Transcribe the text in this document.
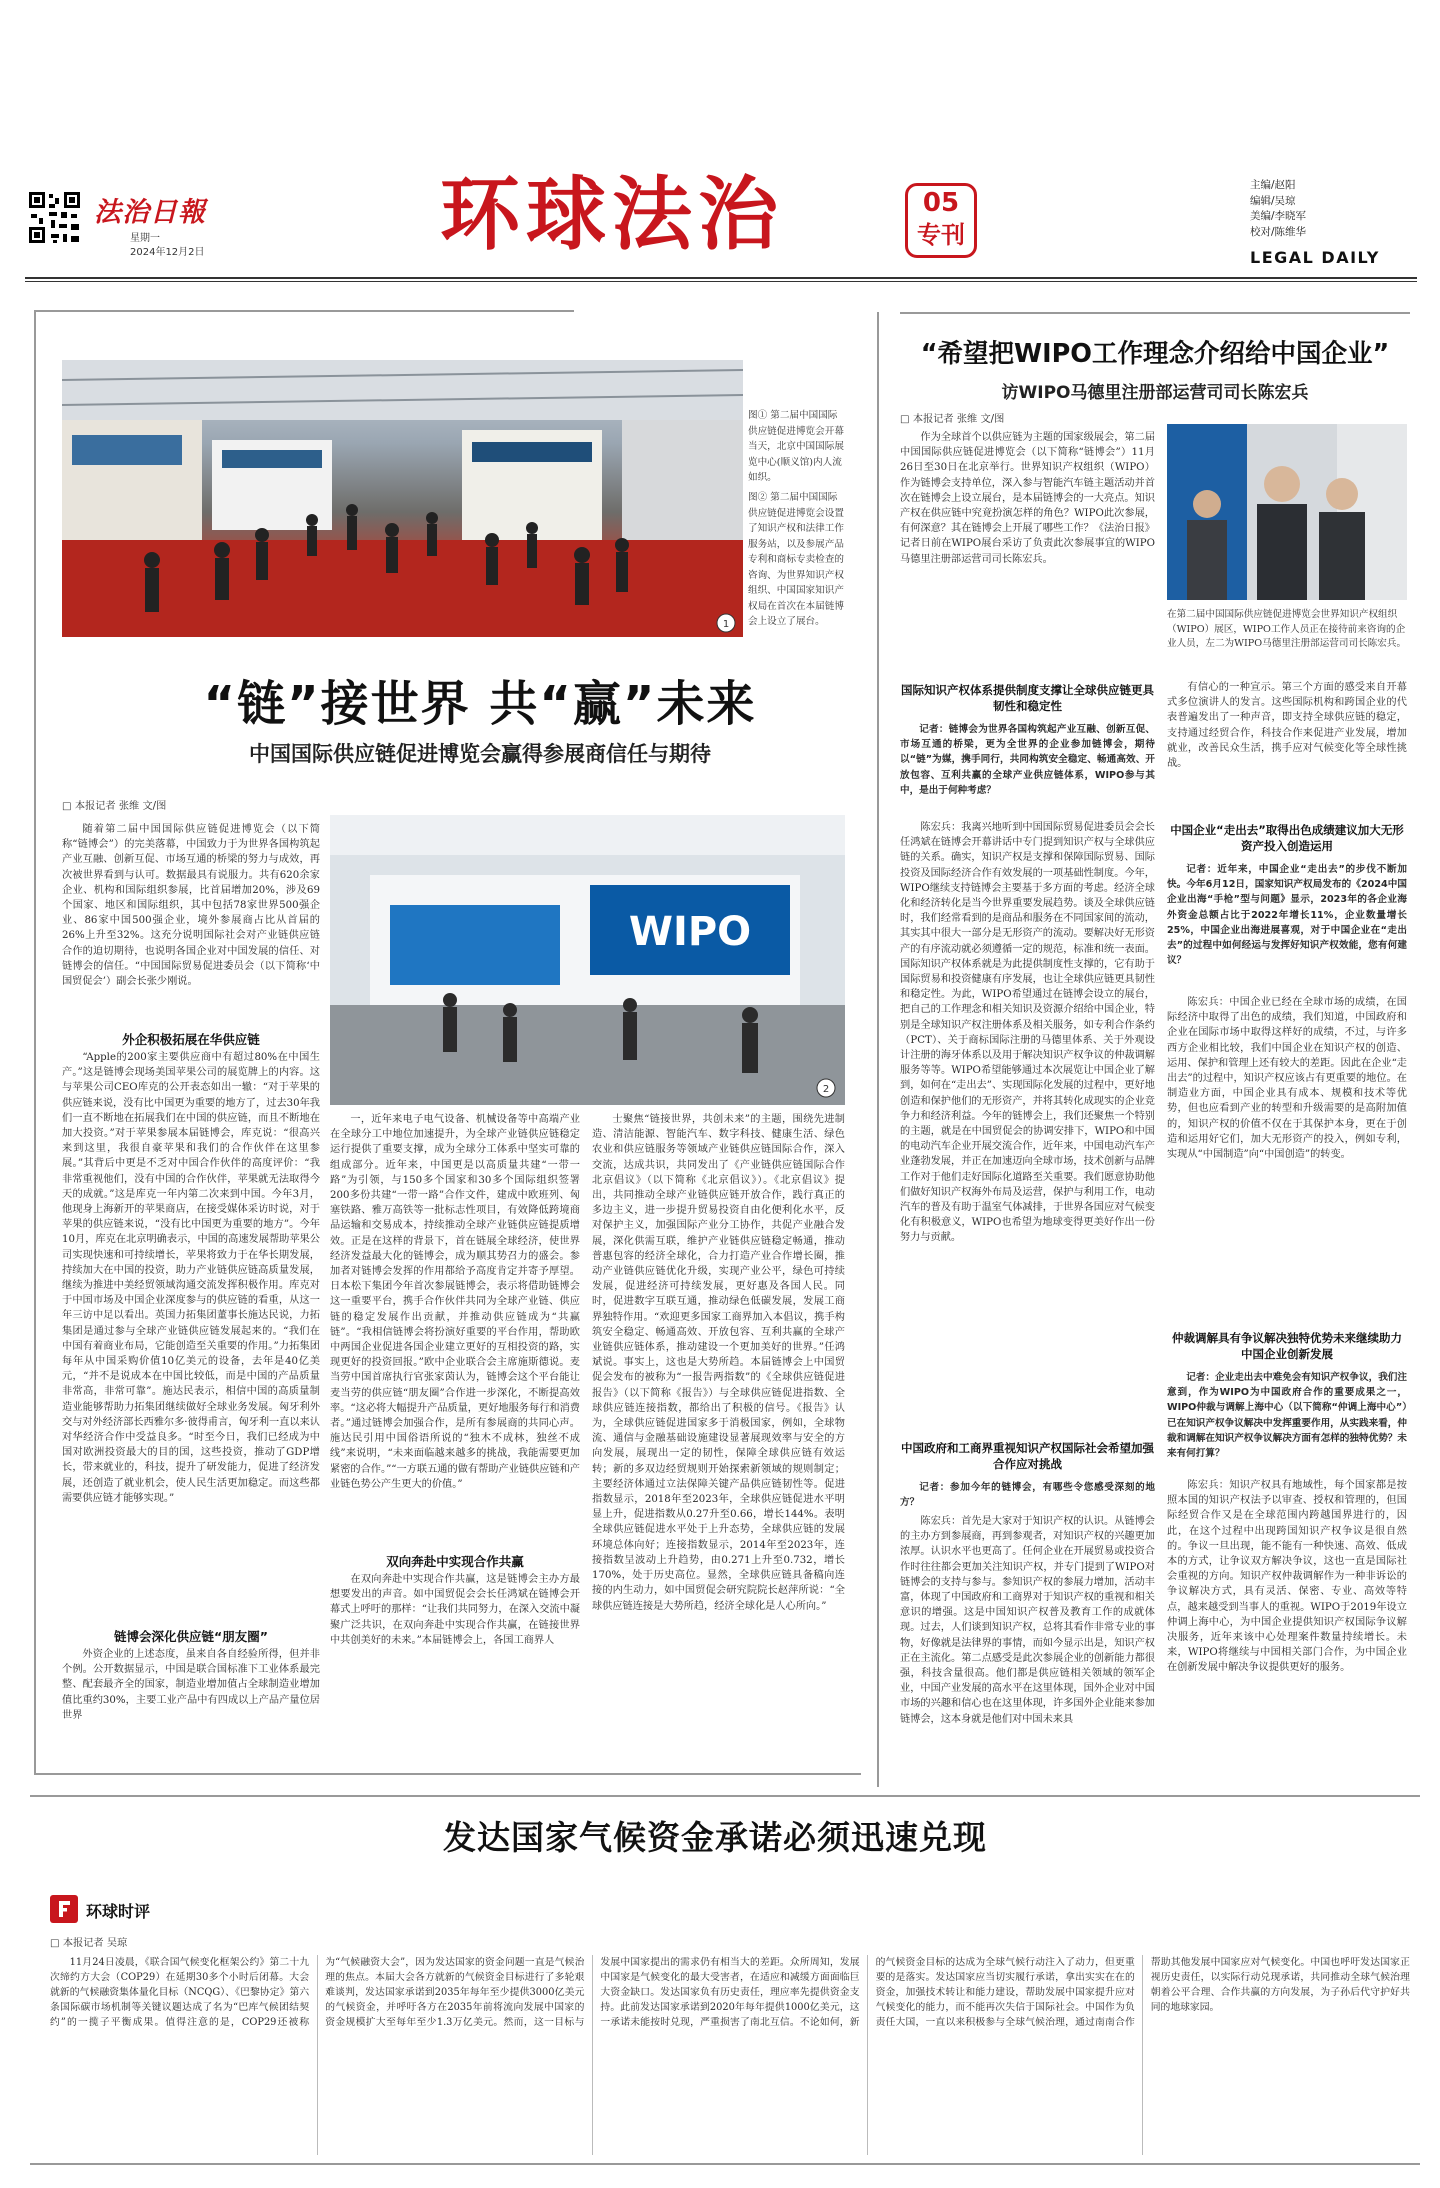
法治日報
星期一
2024年12月2日	环球法治	05
专刊
主编/赵阳
编辑/吴琼
美编/李晓军
校对/陈维华
LEGAL DAILY
1
图① 第二届中国国际供应链促进博览会开幕当天，北京中国国际展览中心(顺义馆)内人流如织。
图② 第二届中国国际供应链促进博览会设置了知识产权和法律工作服务站，以及参展产品专利和商标专卖检查的咨询、为世界知识产权组织、中国国家知识产权局在首次在本届链博会上设立了展台。
“链”接世界 共“赢”未来
中国国际供应链促进博览会赢得参展商信任与期待
□ 本报记者 张维 文/图
WIPO
2

随着第二届中国国际供应链促进博览会（以下简称“链博会”）的完美落幕，中国致力于为世界各国构筑起产业互融、创新互促、市场互通的桥梁的努力与成效，再次被世界看到与认可。数据最具有说服力。共有620余家企业、机构和国际组织参展，比首届增加20%，涉及69个国家、地区和国际组织，其中包括78家世界500强企业、86家中国500强企业，境外参展商占比从首届的26%上升至32%。这充分说明国际社会对产业链供应链合作的迫切期待，也说明各国企业对中国发展的信任、对链博会的信任。“中国国际贸易促进委员会（以下简称‘中国贸促会’）副会长张少刚说。

外企积极拓展在华供应链

“Apple的200家主要供应商中有超过80%在中国生产。”这是链博会现场美国苹果公司的展览牌上的内容。这与苹果公司CEO库克的公开表态如出一辙：“对于苹果的供应链来说，没有比中国更为重要的地方了，过去30年我们一直不断地在拓展我们在中国的供应链，而且不断地在加大投资。”对于苹果参展本届链博会，库克说：“很高兴来到这里，我很自豪苹果和我们的合作伙伴在这里参展。”其背后中更是不乏对中国合作伙伴的高度评价：“我非常重视他们，没有中国的合作伙伴，苹果就无法取得今天的成就。”这是库克一年内第二次来到中国。今年3月，他现身上海新开的苹果商店，在接受媒体采访时说，对于苹果的供应链来说，“没有比中国更为重要的地方”。今年10月，库克在北京明确表示，中国的高速发展帮助苹果公司实现快速和可持续增长，苹果将致力于在华长期发展，持续加大在中国的投资，助力产业链供应链高质量发展，继续为推进中美经贸领域沟通交流发挥积极作用。库克对于中国市场及中国企业深度参与的供应链的看重，从这一年三访中足以看出。英国力拓集团董事长施达民说，力拓集团是通过参与全球产业链供应链发展起来的。“我们在中国有着商业布局，它能创造至关重要的作用。”力拓集团每年从中国采购价值10亿美元的设备，去年是40亿美元，“并不是说成本在中国比较低，而是中国的产品质量非常高，非常可靠”。施达民表示，相信中国的高质量制造业能够帮助力拓集团继续做好全球业务发展。匈牙利外交与对外经济部长西雅尔多·彼得甫言，匈牙利一直以来认对华经济合作中受益良多。“时至今日，我们已经成为中国对欧洲投资最大的目的国，这些投资，推动了GDP增长，带来就业的，科技，提升了研发能力，促进了经济发展，还创造了就业机会，使人民生活更加稳定。而这些都需要供应链才能够实现。”

链博会深化供应链“朋友圈”

外资企业的上述态度，虽来自各自经验所得，但并非个例。公开数据显示，中国是联合国标准下工业体系最完整、配套最齐全的国家，制造业增加值占全球制造业增加值比重约30%，主要工业产品中有四成以上产品产量位居世界

一，近年来电子电气设备、机械设备等中高端产业在全球分工中地位加速提升，为全球产业链供应链稳定运行提供了重要支撑，成为全球分工体系中坚实可靠的组成部分。近年来，中国更是以高质量共建“一带一路”为引领，与150多个国家和30多个国际组织签署200多份共建“一带一路”合作文件，建成中欧班列、匈塞铁路、雅万高铁等一批标志性项目，有效降低跨境商品运输和交易成本，持续推动全球产业链供应链提质增效。正是在这样的背景下，首在链展全球经济，使世界经济发益最大化的链博会，成为顺其势召力的盛会。参加者对链博会发挥的作用都给予高度肯定并寄予厚望。日本松下集团今年首次参展链博会，表示将借助链博会这一重要平台，携手合作伙伴共同为全球产业链、供应链的稳定发展作出贡献，并推动供应链成为“共赢链”。“我相信链博会将扮演好重要的平台作用，帮助欧中两国企业促进各国企业建立更好的互相投资的路，实现更好的投资回报。”欧中企业联合会主席施斯德说。麦当劳中国首席执行官张家茵认为，链博会这个平台能让麦当劳的供应链“朋友圈”合作进一步深化，不断提高效率。“这必将大幅提升产品质量，更好地服务每行和消费者。”通过链博会加强合作，是所有参展商的共同心声。施达民引用中国俗语所说的“独木不成林，独丝不成线”来说明，“未来面临越来越多的挑战，我能需要更加紧密的合作。”“一方联五通的做有帮助产业链供应链和产业链色势公产生更大的价值。”

双向奔赴中实现合作共赢

在双向奔赴中实现合作共赢，这是链博会主办方最想要发出的声音。如中国贸促会会长任鸿斌在链博会开幕式上呼吁的那样：“让我们共同努力，在深入交流中凝聚广泛共识，在双向奔赴中实现合作共赢，在链接世界中共创美好的未来。”本届链博会上，各国工商界人

士聚焦“链接世界，共创未来”的主题，围绕先进制造、清洁能源、智能汽车、数字科技、健康生活、绿色农业和供应链服务等领域产业链供应链国际合作，深入交流，达成共识，共同发出了《产业链供应链国际合作北京倡议》（以下简称《北京倡议》）。《北京倡议》提出，共同推动全球产业链供应链开放合作，践行真正的多边主义，进一步提升贸易投资自由化便利化水平，反对保护主义，加强国际产业分工协作，共促产业融合发展，深化供需互联，维护产业链供应链稳定畅通，推动普惠包容的经济全球化，合力打造产业合作增长圈，推动产业链供应链优化升级，实现产业公平，绿色可持续发展，促进经济可持续发展，更好惠及各国人民。同时，促进数字互联互通，推动绿色低碳发展，发展工商界独特作用。“欢迎更多国家工商界加入本倡议，携手构筑安全稳定、畅通高效、开放包容、互利共赢的全球产业链供应链体系，推动建设一个更加美好的世界。”任鸿斌说。事实上，这也是大势所趋。本届链博会上中国贸促会发布的被称为“一报告两指数”的《全球供应链促进报告》（以下简称《报告》）与全球供应链促进指数、全球供应链连接指数，都给出了积极的信号。《报告》认为，全球供应链促进国家多于消极国家，例如，全球物流、通信与金融基础设施建设显著展现效率与安全的方向发展，展现出一定的韧性，保障全球供应链有效运转；新的多双边经贸规则开始探索新领域的规则制定；主要经济体通过立法保障关键产品供应链韧性等。促进指数显示，2018年至2023年，全球供应链促进水平明显上升，促进指数从0.27升至0.66，增长144%。表明全球供应链促进水平处于上升态势，全球供应链的发展环境总体向好；连接指数显示，2014年至2023年，连接指数呈波动上升趋势，由0.271上升至0.732，增长170%，处于历史高位。显然，全球供应链具备稿向连接的内生动力，如中国贸促会研究院院长赵萍所说：“全球供应链连接是大势所趋，经济全球化是人心所向。”

“希望把WIPO工作理念介绍给中国企业”
访WIPO马德里注册部运营司司长陈宏兵
□ 本报记者 张维 文/图
在第二届中国国际供应链促进博览会世界知识产权组织（WIPO）展区，WIPO工作人员正在接待前来咨询的企业人员，左二为WIPO马德里注册部运营司司长陈宏兵。

作为全球首个以供应链为主题的国家级展会，第二届中国国际供应链促进博览会（以下简称“链博会”）11月26日至30日在北京举行。世界知识产权组织（WIPO）作为链博会支持单位，深入参与智能汽车链主题活动并首次在链博会上设立展台，是本届链博会的一大亮点。知识产权在供应链中究竟扮演怎样的角色？WIPO此次参展，有何深意？其在链博会上开展了哪些工作？《法治日报》记者日前在WIPO展台采访了负责此次参展事宜的WIPO马德里注册部运营司司长陈宏兵。

国际知识产权体系提供制度支撑让全球供应链更具韧性和稳定性

记者：链博会为世界各国构筑起产业互融、创新互促、市场互通的桥梁，更为全世界的企业参加链博会，期待以“链”为媒，携手同行，共同构筑安全稳定、畅通高效、开放包容、互利共赢的全球产业供应链体系，WIPO参与其中，是出于何种考虑？

陈宏兵：我离兴地听到中国国际贸易促进委员会会长任鸿斌在链博会开幕讲话中专门提到知识产权与全球供应链的关系。确实，知识产权是支撑和保障国际贸易、国际投资及国际经济合作有效发展的一项基础性制度。今年，WIPO继续支持链博会主要基于多方面的考虑。经济全球化和经济转化是当今世界重要发展趋势。谈及全球供应链时，我们经常看到的是商品和服务在不同国家间的流动，其实其中很大一部分是无形资产的流动。要解决好无形资产的有序流动就必须遵循一定的规范，标准和统一表面。国际知识产权体系就是为此提供制度性支撑的，它有助于国际贸易和投资健康有序发展，也让全球供应链更具韧性和稳定性。为此，WIPO希望通过在链博会设立的展台，把自己的工作理念和相关知识及资源介绍给中国企业，特别是全球知识产权注册体系及相关服务，如专利合作条约（PCT）、关于商标国际注册的马德里体系、关于外观设计注册的海牙体系以及用于解决知识产权争议的仲裁调解服务等等。WIPO希望能够通过本次展览让中国企业了解到，如何在“走出去”、实现国际化发展的过程中，更好地创造和保护他们的无形资产，并将其转化成现实的企业竞争力和经济利益。今年的链博会上，我们还聚焦一个特别的主题，就是在中国贸促会的协调安排下，WIPO和中国的电动汽车企业开展交流合作，近年来，中国电动汽车产业蓬勃发展，并正在加速迈向全球市场，技术创新与品牌工作对于他们走好国际化道路至关重要。我们愿意协助他们做好知识产权海外布局及运营，保护与利用工作，电动汽车的普及有助于温室气体减排，于世界各国应对气候变化有积极意义，WIPO也希望为地球变得更美好作出一份努力与贡献。

中国政府和工商界重视知识产权国际社会希望加强合作应对挑战

记者：参加今年的链博会，有哪些令您感受深刻的地方？

陈宏兵：首先是大家对于知识产权的认识。从链博会的主办方到参展商，再到参观者，对知识产权的兴趣更加浓厚。认识水平也更高了。任何企业在开展贸易或投资合作时往往都会更加关注知识产权，并专门提到了WIPO对链博会的支持与参与。参知识产权的参展力增加，活动丰富，体现了中国政府和工商界对于知识产权的重视和相关意识的增强。这是中国知识产权普及教育工作的成就体现。过去，人们谈到知识产权，总将其看作非常专业的事物，好像就是法律界的事情，而如今显示出是，知识产权正在主流化。第二点感受是此次参展企业的创新能力都很强，科技含量很高。他们都是供应链相关领域的领军企业，中国产业发展的高水平在这里体现，国外企业对中国市场的兴趣和信心也在这里体现，许多国外企业能来参加链博会，这本身就是他们对中国未来具

有信心的一种宣示。第三个方面的感受来自开幕式多位演讲人的发言。这些国际机构和跨国企业的代表普遍发出了一种声音，即支持全球供应链的稳定，支持通过经贸合作，科技合作来促进产业发展，增加就业，改善民众生活，携手应对气候变化等全球性挑战。

中国企业“走出去”取得出色成绩建议加大无形资产投入创造运用

记者：近年来，中国企业“走出去”的步伐不断加快。今年6月12日，国家知识产权局发布的《2024中国企业出海“手枪”型与问题》显示，2023年的各企业海外资金总额占比于2022年增长11%，企业数量增长25%，中国企业出海进展喜观，对于中国企业在“走出去”的过程中如何经运与发挥好知识产权效能，您有何建议？

陈宏兵：中国企业已经在全球市场的成绩，在国际经济中取得了出色的成绩，我们知道，中国政府和企业在国际市场中取得这样好的成绩，不过，与许多西方企业相比较，我们中国企业在知识产权的创造、运用、保护和管理上还有较大的差距。因此在企业“走出去”的过程中，知识产权应该占有更重要的地位。在制造业方面，中国企业具有成本、规模和技术等优势，但也应看到产业的转型和升级需要的是高附加值的，知识产权的价值不仅在于其保护本身，更在于创造和运用好它们，加大无形资产的投入，例如专利，实现从“中国制造”向“中国创造”的转变。

仲裁调解具有争议解决独特优势未来继续助力中国企业创新发展

记者：企业走出去中难免会有知识产权争议，我们注意到，作为WIPO为中国政府合作的重要成果之一，WIPO仲裁与调解上海中心（以下简称“仲调上海中心”）已在知识产权争议解决中发挥重要作用，从实践来看，仲裁和调解在知识产权争议解决方面有怎样的独特优势？未来有何打算？

陈宏兵：知识产权具有地域性，每个国家都是按照本国的知识产权法予以审查、授权和管理的，但国际经贸合作又是在全球范围内跨越国界进行的，因此，在这个过程中出现跨国知识产权争议是很自然的。争议一旦出现，能不能有一种快速、高效、低成本的方式，让争议双方解决争议，这也一直是国际社会重视的方向。知识产权仲裁调解作为一种非诉讼的争议解决方式，具有灵活、保密、专业、高效等特点，越来越受到当事人的重视。WIPO于2019年设立仲调上海中心，为中国企业提供知识产权国际争议解决服务，近年来该中心处理案件数量持续增长。未来，WIPO将继续与中国相关部门合作，为中国企业在创新发展中解决争议提供更好的服务。

发达国家气候资金承诺必须迅速兑现
环球时评
□ 本报记者 吴琼

11月24日凌晨，《联合国气候变化框架公约》第二十九次缔约方大会（COP29）在延期30多个小时后闭幕。大会就新的气候融资集体量化目标（NCQG）、《巴黎协定》第六条国际碳市场机制等关键议题达成了名为“巴库气候团结契约”的一揽子平衡成果。值得注意的是，COP29还被称为“气候融资大会”，因为发达国家的资金问题一直是气候治理的焦点。本届大会各方就新的气候资金目标进行了多轮艰难谈判，发达国家承诺到2035年每年至少提供3000亿美元的气候资金，并呼吁各方在2035年前将流向发展中国家的资金规模扩大至每年至少1.3万亿美元。然而，这一目标与发展中国家提出的需求仍有相当大的差距。众所周知，发展中国家是气候变化的最大受害者，在适应和减缓方面面临巨大资金缺口。发达国家负有历史责任，理应率先提供资金支持。此前发达国家承诺到2020年每年提供1000亿美元，这一承诺未能按时兑现，严重损害了南北互信。不论如何，新的气候资金目标的达成为全球气候行动注入了动力，但更重要的是落实。发达国家应当切实履行承诺，拿出实实在在的资金，加强技术转让和能力建设，帮助发展中国家提升应对气候变化的能力，而不能再次失信于国际社会。中国作为负责任大国，一直以来积极参与全球气候治理，通过南南合作帮助其他发展中国家应对气候变化。中国也呼吁发达国家正视历史责任，以实际行动兑现承诺，共同推动全球气候治理朝着公平合理、合作共赢的方向发展，为子孙后代守护好共同的地球家园。
